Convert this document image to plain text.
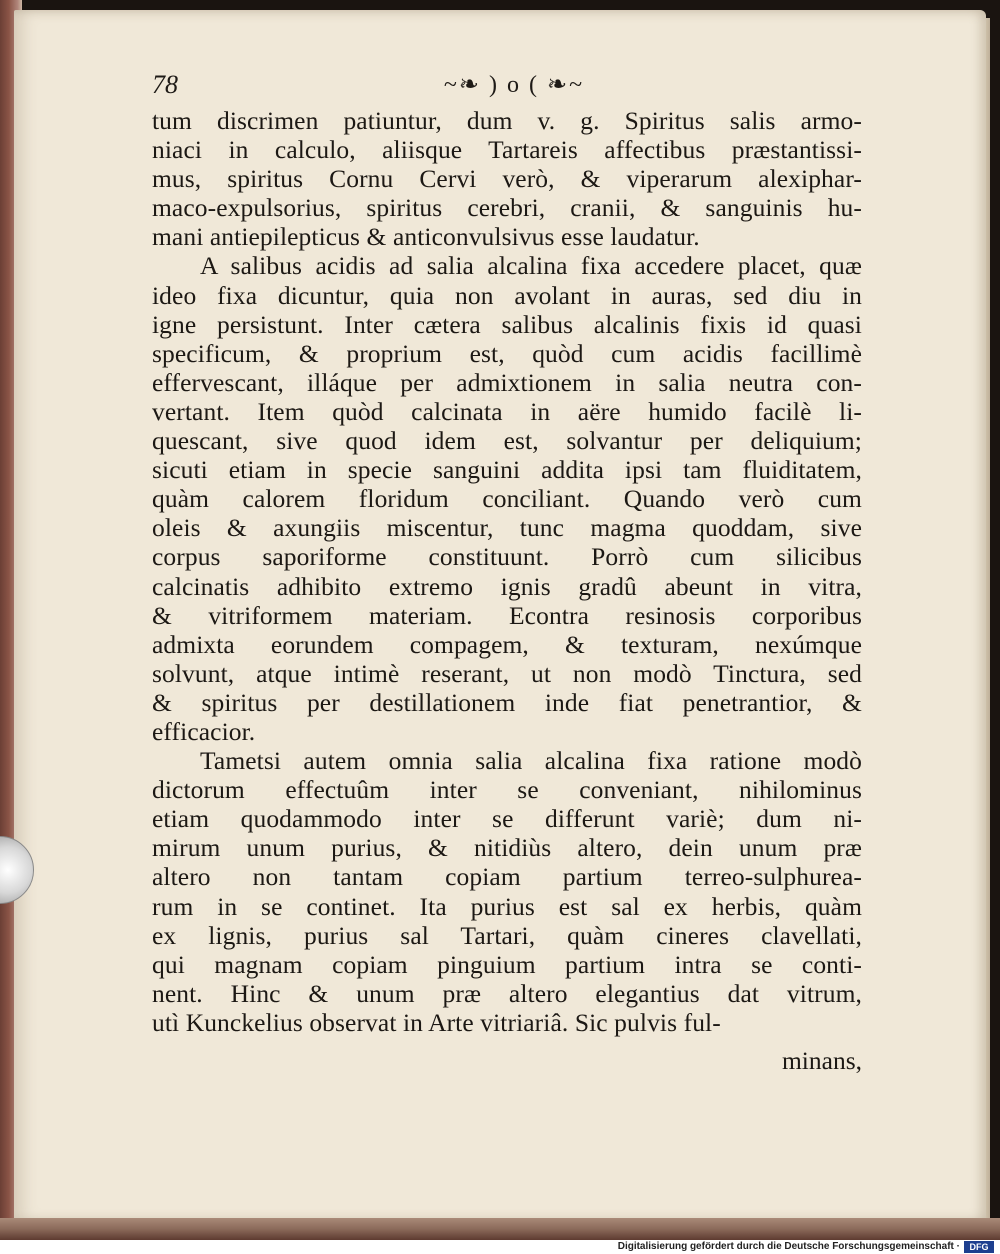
78	~❧ ) o ( ❧~
tum discrimen patiuntur, dum v. g. Spiritus salis armo-
niaci in calculo, aliisque Tartareis affectibus præstantissi-
mus, spiritus Cornu Cervi verò, & viperarum alexiphar-
maco-expulsorius, spiritus cerebri, cranii, & sanguinis hu-
mani antiepilepticus & anticonvulsivus esse laudatur.
A salibus acidis ad salia alcalina fixa accedere placet, quæ
ideo fixa dicuntur, quia non avolant in auras, sed diu in
igne persistunt. Inter cætera salibus alcalinis fixis id quasi
specificum, & proprium est, quòd cum acidis facillimè
effervescant, illáque per admixtionem in salia neutra con-
vertant. Item quòd calcinata in aëre humido facilè li-
quescant, sive quod idem est, solvantur per deliquium;
sicuti etiam in specie sanguini addita ipsi tam fluiditatem,
quàm calorem floridum conciliant. Quando verò cum
oleis & axungiis miscentur, tunc magma quoddam, sive
corpus saporiforme constituunt. Porrò cum silicibus
calcinatis adhibito extremo ignis gradû abeunt in vitra,
& vitriformem materiam. Econtra resinosis corporibus
admixta eorundem compagem, & texturam, nexúmque
solvunt, atque intimè reserant, ut non modò Tinctura, sed
& spiritus per destillationem inde fiat penetrantior, &
efficacior.
Tametsi autem omnia salia alcalina fixa ratione modò
dictorum effectuûm inter se conveniant, nihilominus
etiam quodammodo inter se differunt variè; dum ni-
mirum unum purius, & nitidiùs altero, dein unum præ
altero non tantam copiam partium terreo-sulphurea-
rum in se continet. Ita purius est sal ex herbis, quàm
ex lignis, purius sal Tartari, quàm cineres clavellati,
qui magnam copiam pinguium partium intra se conti-
nent. Hinc & unum præ altero elegantius dat vitrum,
utì Kunckelius observat in Arte vitriariâ. Sic pulvis ful-
minans,
Digitalisierung gefördert durch die Deutsche Forschungsgemeinschaft ·	DFG
